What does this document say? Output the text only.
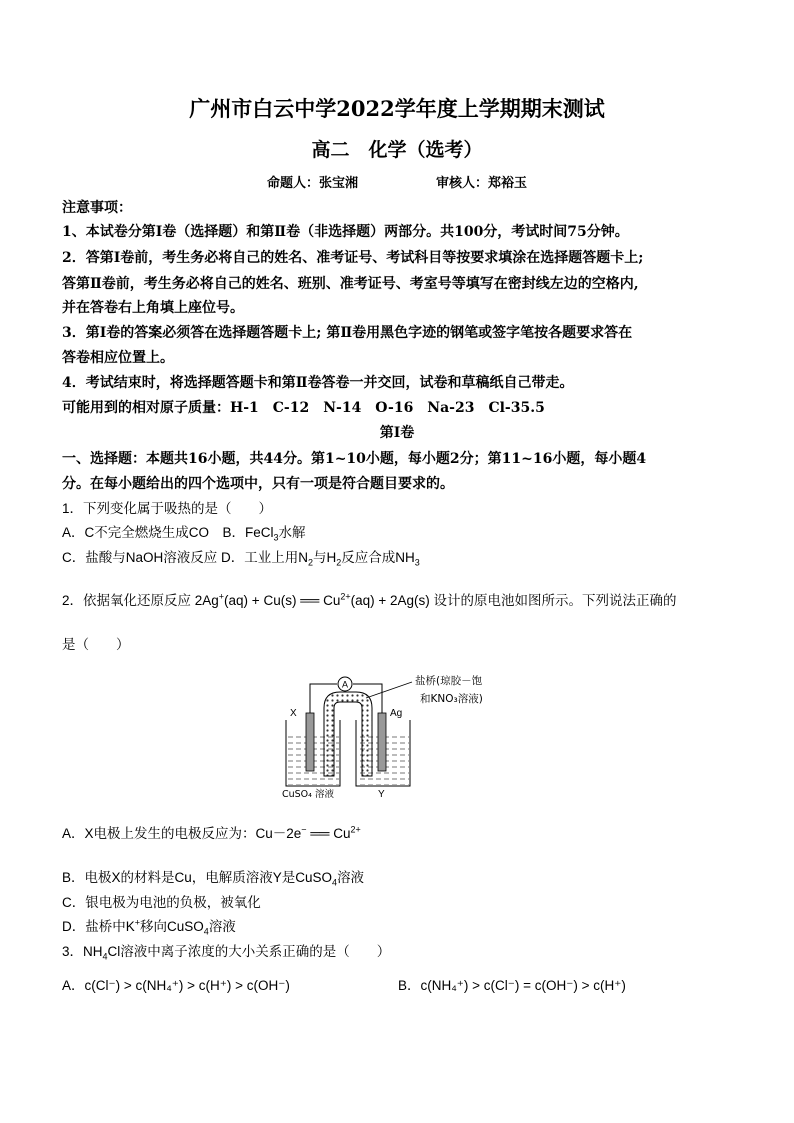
广州市白云中学2022学年度上学期期末测试
高二　化学（选考）
命题人：张宝湘	审核人：郑裕玉
注意事项：
1、本试卷分第Ⅰ卷（选择题）和第Ⅱ卷（非选择题）两部分。共100分，考试时间75分钟。
2．答第Ⅰ卷前，考生务必将自己的姓名、准考证号、考试科目等按要求填涂在选择题答题卡上;
答第Ⅱ卷前，考生务必将自己的姓名、班别、准考证号、考室号等填写在密封线左边的空格内,
并在答卷右上角填上座位号。
3．第Ⅰ卷的答案必须答在选择题答题卡上; 第Ⅱ卷用黑色字迹的钢笔或签字笔按各题要求答在
答卷相应位置上。
4．考试结束时，将选择题答题卡和第Ⅱ卷答卷一并交回，试卷和草稿纸自己带走。
可能用到的相对原子质量：H-1　C-12　N-14　O-16　Na-23　Cl-35.5
第Ⅰ卷
一、选择题：本题共16小题，共44分。第1~10小题，每小题2分；第11~16小题，每小题4
分。在每小题给出的四个选项中，只有一项是符合题目要求的。
1．下列变化属于吸热的是（　　）
A．C不完全燃烧生成CO　B．FeCl$_3$水解
C．盐酸与NaOH溶液反应 D．工业上用$N_2$与$H_2$反应合成$NH_3$
2．依据氧化还原反应 2Ag+(aq) + Cu(s) ══ $Cu^{2+}(aq) + 2Ag(s)$ 设计的原电池如图所示。下列说法正确的
是（　　）
A
X	Ag
盐桥(琼胶－饱
和KNO₃溶液)
CuSO₄ 溶液	Y
A．X电极上发生的电极反应为：Cu－2e− ══ $Cu^{2+}$
B．电极X的材料是Cu，电解质溶液Y是CuSO$_4$溶液
C．银电极为电池的负极，被氧化
D．盐桥中K+移向CuSO$_4$溶液
3．$NH_4Cl$溶液中离子浓度的大小关系正确的是（　　）
A．c(Cl⁻) > c(NH₄⁺) > c(H⁺) > c(OH⁻)	B．c(NH₄⁺) > c(Cl⁻) = c(OH⁻) > c(H⁺)
